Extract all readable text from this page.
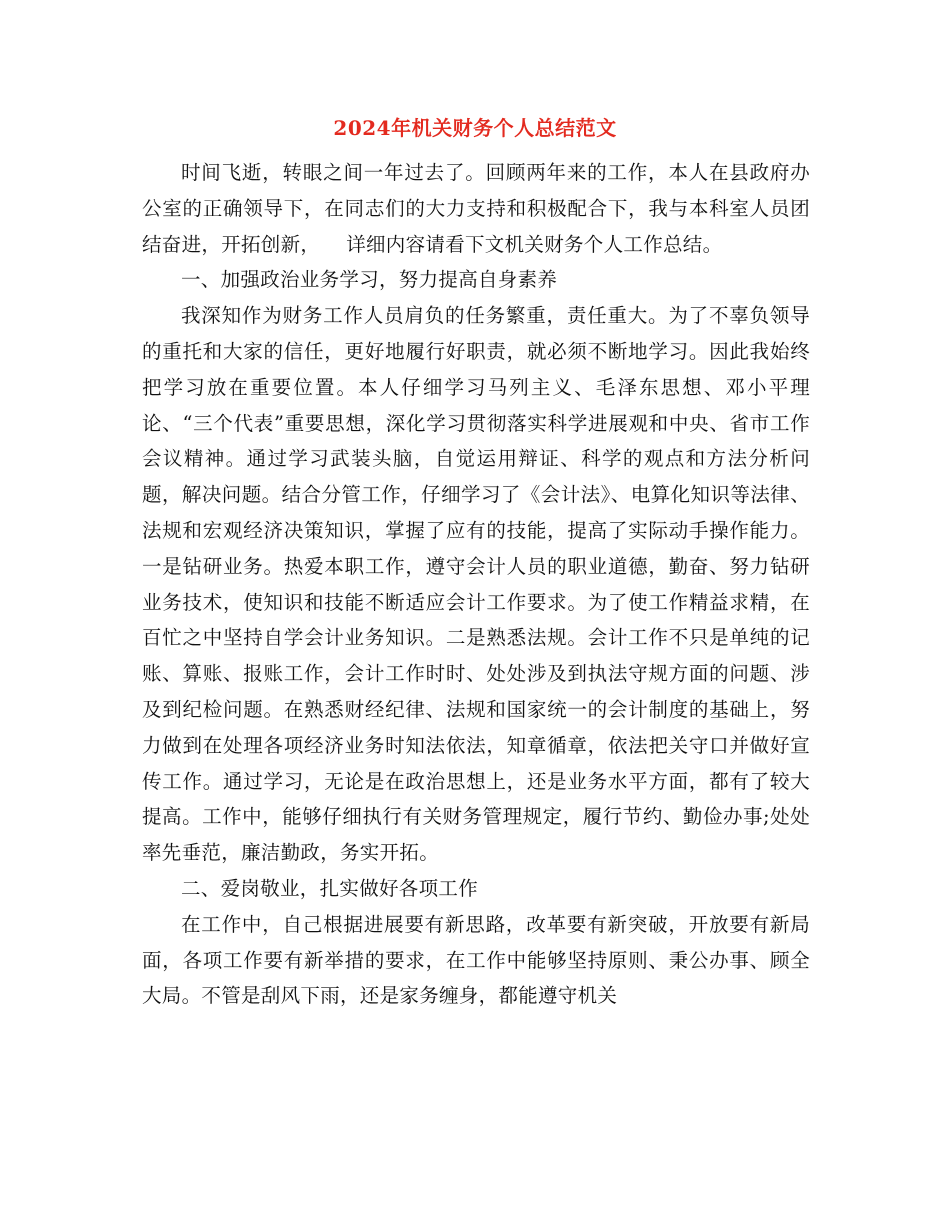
2024年机关财务个人总结范文

时间飞逝，转眼之间一年过去了。回顾两年来的工作，本人在县政府办公室的正确领导下，在同志们的大力支持和积极配合下，我与本科室人员团结奋进，开拓创新，    详细内容请看下文机关财务个人工作总结。

一、加强政治业务学习，努力提高自身素养

我深知作为财务工作人员肩负的任务繁重，责任重大。为了不辜负领导的重托和大家的信任，更好地履行好职责，就必须不断地学习。因此我始终把学习放在重要位置。本人仔细学习马列主义、毛泽东思想、邓小平理论、“三个代表”重要思想，深化学习贯彻落实科学进展观和中央、省市工作会议精神。通过学习武装头脑，自觉运用辩证、科学的观点和方法分析问题，解决问题。结合分管工作，仔细学习了《会计法》、电算化知识等法律、法规和宏观经济决策知识，掌握了应有的技能，提高了实际动手操作能力。一是钻研业务。热爱本职工作，遵守会计人员的职业道德，勤奋、努力钻研业务技术，使知识和技能不断适应会计工作要求。为了使工作精益求精，在百忙之中坚持自学会计业务知识。二是熟悉法规。会计工作不只是单纯的记账、算账、报账工作，会计工作时时、处处涉及到执法守规方面的问题、涉及到纪检问题。在熟悉财经纪律、法规和国家统一的会计制度的基础上，努力做到在处理各项经济业务时知法依法，知章循章，依法把关守口并做好宣传工作。通过学习，无论是在政治思想上，还是业务水平方面，都有了较大提高。工作中，能够仔细执行有关财务管理规定，履行节约、勤俭办事;处处率先垂范，廉洁勤政，务实开拓。

二、爱岗敬业，扎实做好各项工作

在工作中，自己根据进展要有新思路，改革要有新突破，开放要有新局面，各项工作要有新举措的要求，在工作中能够坚持原则、秉公办事、顾全大局。不管是刮风下雨，还是家务缠身，都能遵守机关
